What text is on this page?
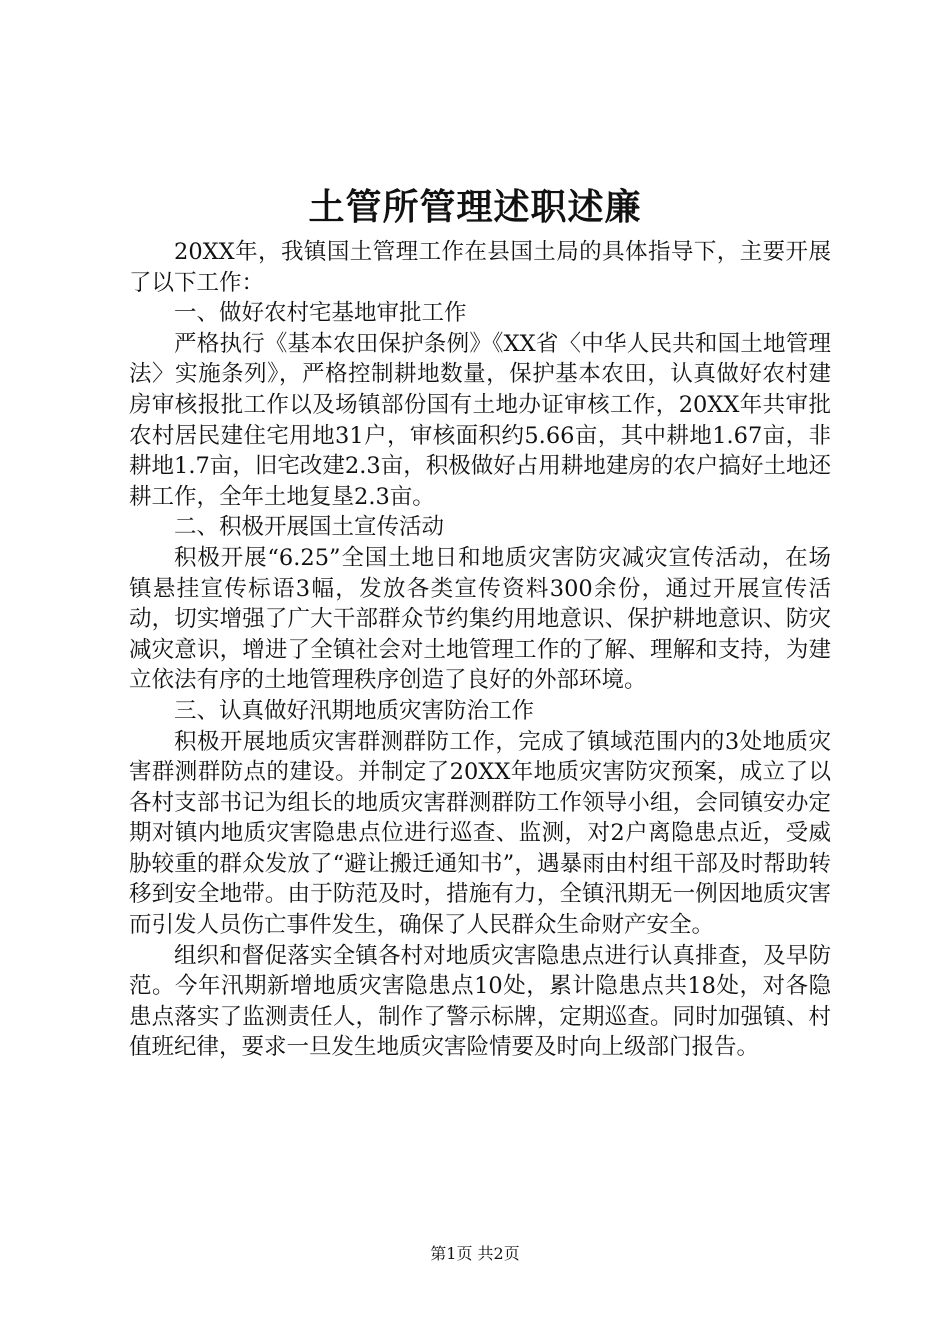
土管所管理述职述廉

20XX年，我镇国土管理工作在县国土局的具体指导下，主要开展了以下工作：

一、做好农村宅基地审批工作

严格执行《基本农田保护条例》《XX省〈中华人民共和国土地管理法〉实施条列》，严格控制耕地数量，保护基本农田，认真做好农村建房审核报批工作以及场镇部份国有土地办证审核工作，20XX年共审批农村居民建住宅用地31户，审核面积约5.66亩，其中耕地1.67亩，非耕地1.7亩，旧宅改建2.3亩，积极做好占用耕地建房的农户搞好土地还耕工作，全年土地复垦2.3亩。

二、积极开展国土宣传活动

积极开展“6.25”全国土地日和地质灾害防灾减灾宣传活动，在场镇悬挂宣传标语3幅，发放各类宣传资料300余份，通过开展宣传活动，切实增强了广大干部群众节约集约用地意识、保护耕地意识、防灾减灾意识，增进了全镇社会对土地管理工作的了解、理解和支持，为建立依法有序的土地管理秩序创造了良好的外部环境。

三、认真做好汛期地质灾害防治工作

积极开展地质灾害群测群防工作，完成了镇域范围内的3处地质灾害群测群防点的建设。并制定了20XX年地质灾害防灾预案，成立了以各村支部书记为组长的地质灾害群测群防工作领导小组，会同镇安办定期对镇内地质灾害隐患点位进行巡查、监测，对2户离隐患点近，受威胁较重的群众发放了“避让搬迁通知书”，遇暴雨由村组干部及时帮助转移到安全地带。由于防范及时，措施有力，全镇汛期无一例因地质灾害而引发人员伤亡事件发生，确保了人民群众生命财产安全。

组织和督促落实全镇各村对地质灾害隐患点进行认真排查，及早防范。今年汛期新增地质灾害隐患点10处，累计隐患点共18处，对各隐患点落实了监测责任人，制作了警示标牌，定期巡查。同时加强镇、村值班纪律，要求一旦发生地质灾害险情要及时向上级部门报告。

第1页 共2页
